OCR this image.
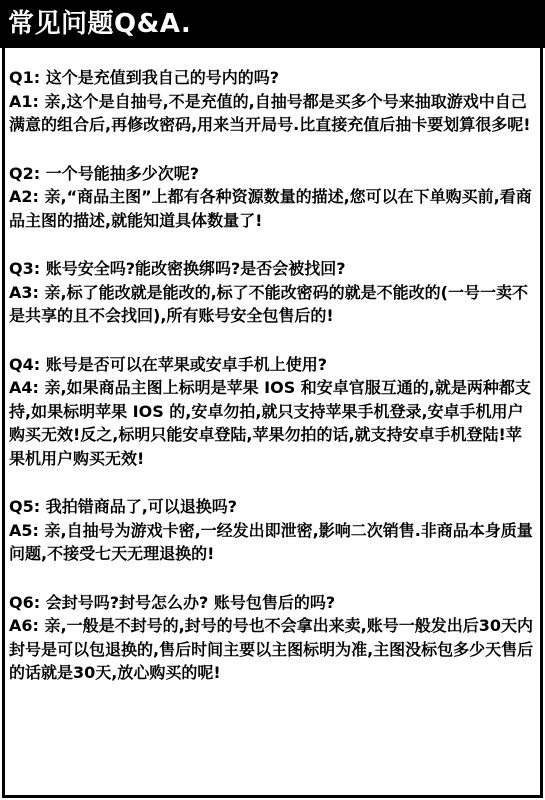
常见问题Q&A.

Q1: 这个是充值到我自己的号内的吗?

A1: 亲,这个是自抽号,不是充值的,自抽号都是买多个号来抽取游戏中自己满意的组合后,再修改密码,用来当开局号.比直接充值后抽卡要划算很多呢!

Q2: 一个号能抽多少次呢?

A2: 亲,“商品主图”上都有各种资源数量的描述,您可以在下单购买前,看商品主图的描述,就能知道具体数量了!

Q3: 账号安全吗?能改密换绑吗?是否会被找回?

A3: 亲,标了能改就是能改的,标了不能改密码的就是不能改的(一号一卖不是共享的且不会找回),所有账号安全包售后的!

Q4: 账号是否可以在苹果或安卓手机上使用?

A4: 亲,如果商品主图上标明是苹果 IOS 和安卓官服互通的,就是两种都支持,如果标明苹果 IOS 的,安卓勿拍,就只支持苹果手机登录,安卓手机用户购买无效!反之,标明只能安卓登陆,苹果勿拍的话,就支持安卓手机登陆!苹果机用户购买无效!

Q5: 我拍错商品了,可以退换吗?

A5: 亲,自抽号为游戏卡密,一经发出即泄密,影响二次销售.非商品本身质量问题,不接受七天无理退换的!

Q6: 会封号吗?封号怎么办? 账号包售后的吗?

A6: 亲,一般是不封号的,封号的号也不会拿出来卖,账号一般发出后30天内封号是可以包退换的,售后时间主要以主图标明为准,主图没标包多少天售后的话就是30天,放心购买的呢!
